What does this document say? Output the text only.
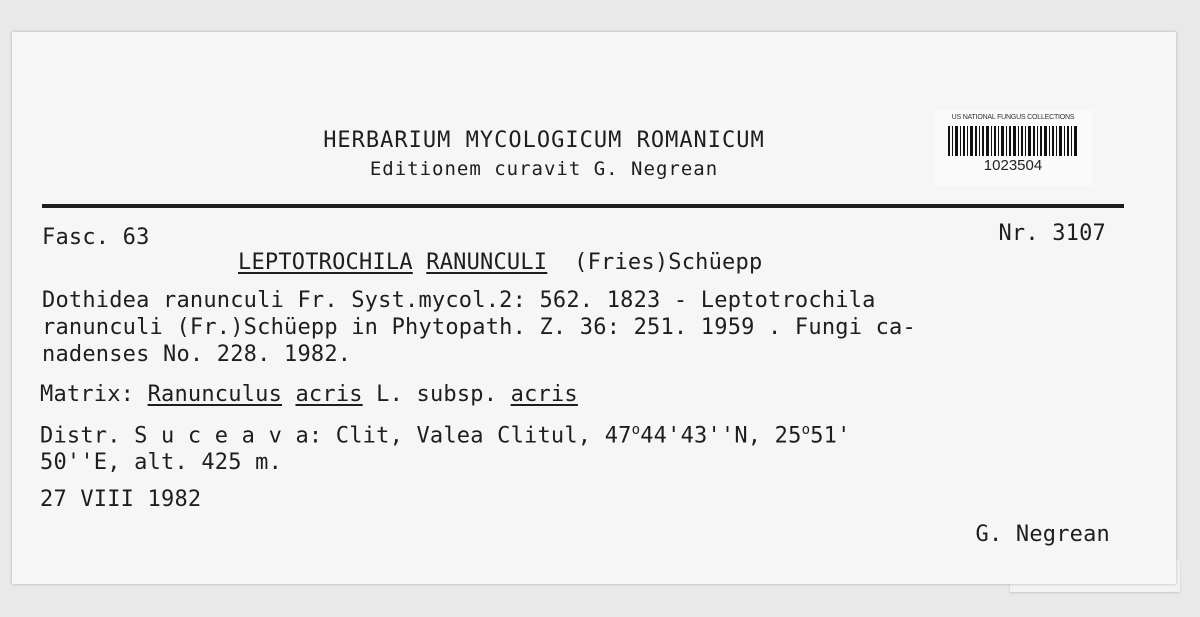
HERBARIUM MYCOLOGICUM ROMANICUM
Editionem curavit G. Negrean
US NATIONAL FUNGUS COLLECTIONS
1023504
Fasc. 63	Nr. 3107
LEPTOTROCHILA RANUNCULI (Fries)Schüepp
Dothidea ranunculi Fr. Syst.mycol.2: 562. 1823 - Leptotrochila
ranunculi (Fr.)Schüepp in Phytopath. Z. 36: 251. 1959 . Fungi ca-
nadenses No. 228. 1982.
Matrix: Ranunculus acris L. subsp. acris
Distr. S u c e a v a: Clit, Valea Clitul, 47$^o$44'43''N, 25$^o$51'
50''E, alt. 425 m.
27 VIII 1982
G. Negrean
